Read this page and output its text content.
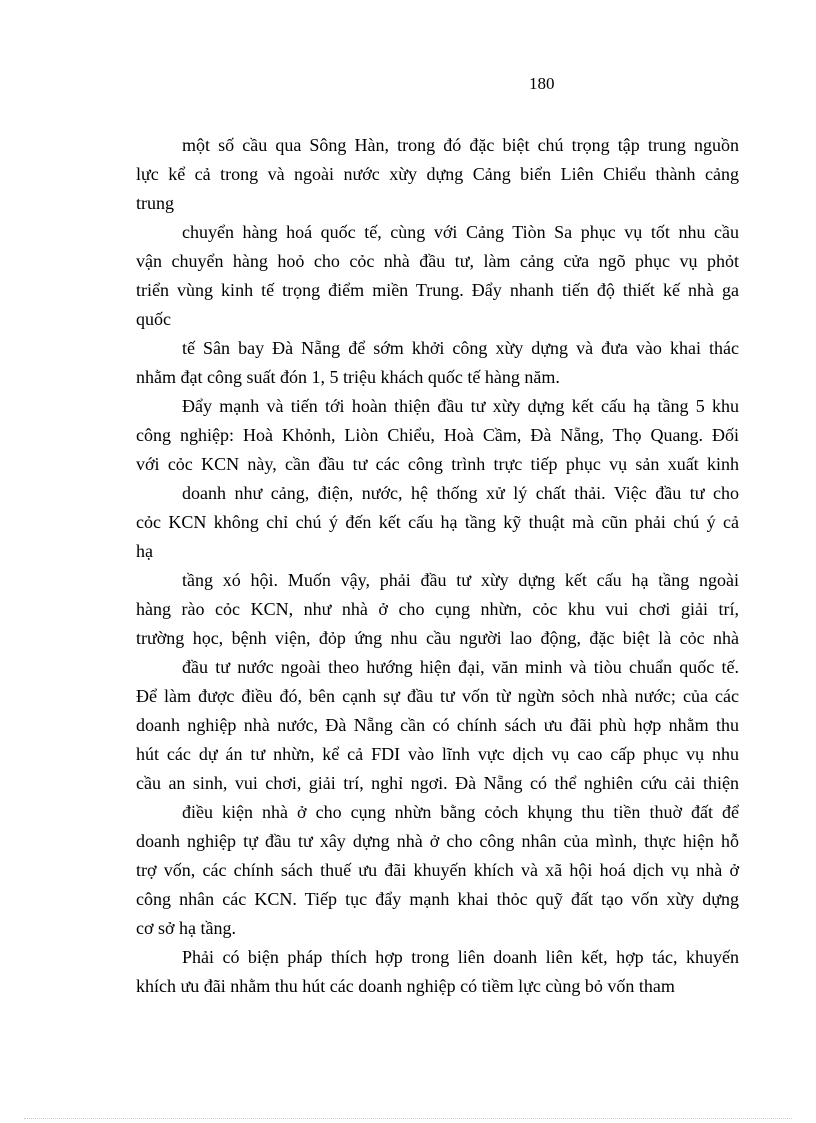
180
một số cầu qua Sông Hàn, trong đó đặc biệt chú trọng tập trung nguồn
lực kể cả trong và ngoài nước xừy dựng Cảng biển Liên Chiểu thành cảng
trung
chuyển hàng hoá quốc tế, cùng với Cảng Tiòn Sa phục vụ tốt nhu cầu
vận chuyển hàng hoỏ cho cỏc nhà đầu tư, làm cảng cửa ngõ phục vụ phỏt
triển vùng kinh tế trọng điểm miền Trung. Đẩy nhanh tiến độ thiết kế nhà ga
quốc
tế Sân bay Đà Nẵng để sớm khởi công xừy dựng và đưa vào khai thác
nhằm đạt công suất đón 1, 5 triệu khách quốc tế hàng năm.
Đẩy mạnh và tiến tới hoàn thiện đầu tư xừy dựng kết cấu hạ tầng 5 khu
công nghiệp: Hoà Khỏnh, Liòn Chiểu, Hoà Cầm, Đà Nẵng, Thọ Quang. Đối
với cỏc KCN này, cần đầu tư các công trình trực tiếp phục vụ sản xuất kinh
doanh như cảng, điện, nước, hệ thống xử lý chất thải. Việc đầu tư cho
cỏc KCN không chỉ chú ý đến kết cấu hạ tầng kỹ thuật mà cũn phải chú ý cả
hạ
tầng xó hội. Muốn vậy, phải đầu tư xừy dựng kết cấu hạ tầng ngoài
hàng rào cỏc KCN, như nhà ở cho cụng nhừn, cỏc khu vui chơi giải trí,
trường học, bệnh viện, đỏp ứng nhu cầu người lao động, đặc biệt là cỏc nhà
đầu tư nước ngoài theo hướng hiện đại, văn minh và tiòu chuẩn quốc tế.
Để làm được điều đó, bên cạnh sự đầu tư vốn từ ngừn sỏch nhà nước; của các
doanh nghiệp nhà nước, Đà Nẵng cần có chính sách ưu đãi phù hợp nhằm thu
hút các dự án tư nhừn, kể cả FDI vào lĩnh vực dịch vụ cao cấp phục vụ nhu
cầu an sinh, vui chơi, giải trí, nghỉ ngơi. Đà Nẵng có thể nghiên cứu cải thiện
điều kiện nhà ở cho cụng nhừn bằng cỏch khụng thu tiền thuờ đất để
doanh nghiệp tự đầu tư xây dựng nhà ở cho công nhân của mình, thực hiện hỗ
trợ vốn, các chính sách thuế ưu đãi khuyến khích và xã hội hoá dịch vụ nhà ở
công nhân các KCN. Tiếp tục đẩy mạnh khai thỏc quỹ đất tạo vốn xừy dựng
cơ sở hạ tầng.
Phải có biện pháp thích hợp trong liên doanh liên kết, hợp tác, khuyến
khích ưu đãi nhằm thu hút các doanh nghiệp có tiềm lực cùng bỏ vốn tham
